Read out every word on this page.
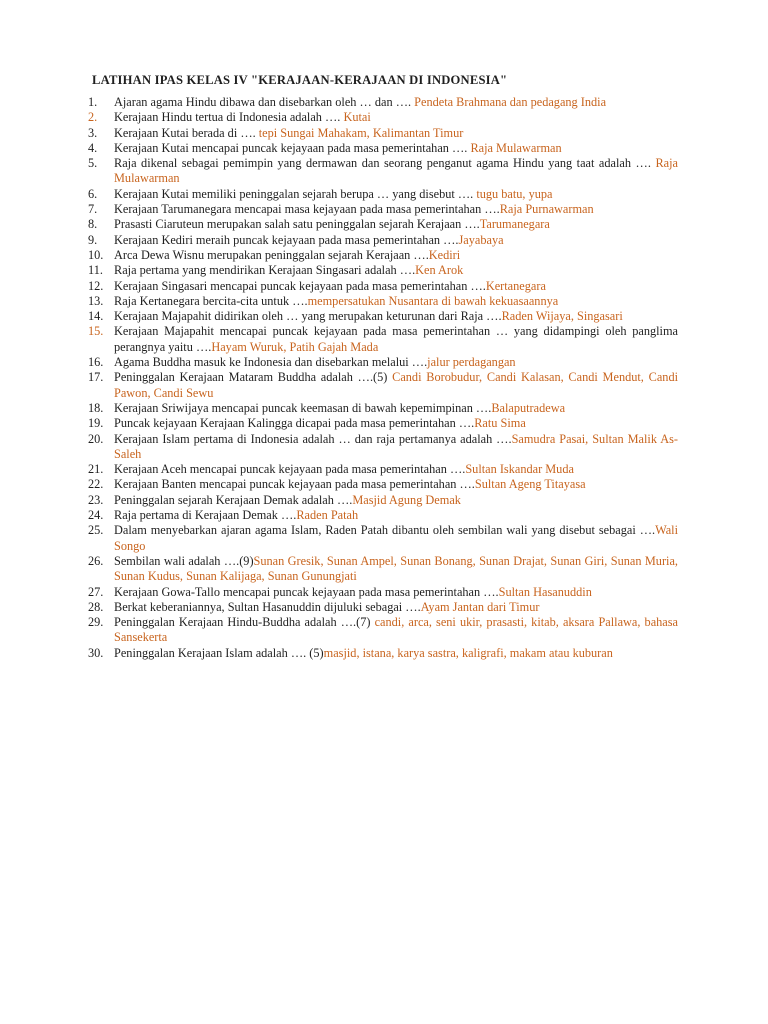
LATIHAN IPAS KELAS IV "KERAJAAN-KERAJAAN DI INDONESIA"
1.	Ajaran agama Hindu dibawa dan disebarkan oleh … dan …. Pendeta Brahmana dan pedagang India
2.	Kerajaan Hindu tertua di Indonesia adalah …. Kutai
3.	Kerajaan Kutai berada di …. tepi Sungai Mahakam, Kalimantan Timur
4.	Kerajaan Kutai mencapai puncak kejayaan pada masa pemerintahan …. Raja Mulawarman
5.	Raja dikenal sebagai pemimpin yang dermawan dan seorang penganut agama Hindu yang taat adalah …. Raja Mulawarman
6.	Kerajaan Kutai memiliki peninggalan sejarah berupa … yang disebut …. tugu batu, yupa
7.	Kerajaan Tarumanegara mencapai masa kejayaan pada masa pemerintahan ….Raja Purnawarman
8.	Prasasti Ciaruteun merupakan salah satu peninggalan sejarah Kerajaan ….Tarumanegara
9.	Kerajaan Kediri meraih puncak kejayaan pada masa pemerintahan ….Jayabaya
10. Arca Dewa Wisnu merupakan peninggalan sejarah Kerajaan ….Kediri
11. Raja pertama yang mendirikan Kerajaan Singasari adalah ….Ken Arok
12. Kerajaan Singasari mencapai puncak kejayaan pada masa pemerintahan ….Kertanegara
13. Raja Kertanegara bercita-cita untuk ….mempersatukan Nusantara di bawah kekuasaannya
14. Kerajaan Majapahit didirikan oleh … yang merupakan keturunan dari Raja ….Raden Wijaya, Singasari
15. Kerajaan Majapahit mencapai puncak kejayaan pada masa pemerintahan … yang didampingi oleh panglima perangnya yaitu ….Hayam Wuruk, Patih Gajah Mada
16. Agama Buddha masuk ke Indonesia dan disebarkan melalui ….jalur perdagangan
17. Peninggalan Kerajaan Mataram Buddha adalah ….(5) Candi Borobudur, Candi Kalasan, Candi Mendut, Candi Pawon, Candi Sewu
18. Kerajaan Sriwijaya mencapai puncak keemasan di bawah kepemimpinan ….Balaputradewa
19. Puncak kejayaan Kerajaan Kalingga dicapai pada masa pemerintahan ….Ratu Sima
20. Kerajaan Islam pertama di Indonesia adalah … dan raja pertamanya adalah ….Samudra Pasai, Sultan Malik As-Saleh
21. Kerajaan Aceh mencapai puncak kejayaan pada masa pemerintahan ….Sultan Iskandar Muda
22. Kerajaan Banten mencapai puncak kejayaan pada masa pemerintahan ….Sultan Ageng Titayasa
23. Peninggalan sejarah Kerajaan Demak adalah ….Masjid Agung Demak
24. Raja pertama di Kerajaan Demak ….Raden Patah
25. Dalam menyebarkan ajaran agama Islam, Raden Patah dibantu oleh sembilan wali yang disebut sebagai ….Wali Songo
26. Sembilan wali adalah ….(9)Sunan Gresik, Sunan Ampel, Sunan Bonang, Sunan Drajat, Sunan Giri, Sunan Muria, Sunan Kudus, Sunan Kalijaga, Sunan Gunungjati
27. Kerajaan Gowa-Tallo mencapai puncak kejayaan pada masa pemerintahan ….Sultan Hasanuddin
28. Berkat keberaniannya, Sultan Hasanuddin dijuluki sebagai ….Ayam Jantan dari Timur
29. Peninggalan Kerajaan Hindu-Buddha adalah ….(7) candi, arca, seni ukir, prasasti, kitab, aksara Pallawa, bahasa Sansekerta
30. Peninggalan Kerajaan Islam adalah …. (5)masjid, istana, karya sastra, kaligrafi, makam atau kuburan
